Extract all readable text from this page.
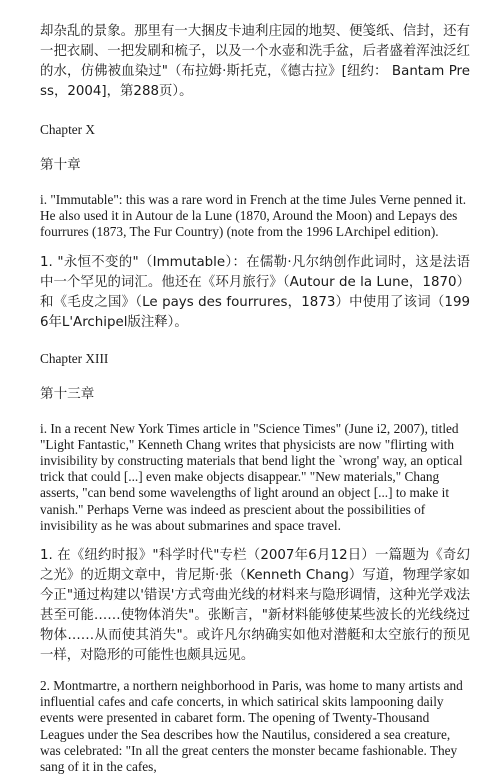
却杂乱的景象。那里有一大捆皮卡迪利庄园的地契、便笺纸、信封，还有一把衣刷、一把发刷和梳子，以及一个水壶和洗手盆，后者盛着浑浊泛红的水，仿佛被血染过"（布拉姆·斯托克，《德古拉》[纽约： Bantam Press，2004]，第288页）。

Chapter X

第十章

i. "Immutable": this was a rare word in French at the time Jules Verne penned it. He also used it in Autour de la Lune (1870, Around the Moon) and Lepays des fourrures (1873, The Fur Country) (note from the 1996 LArchipel edition).

1. "永恒不变的"（Immutable）：在儒勒·凡尔纳创作此词时，这是法语中一个罕见的词汇。他还在《环月旅行》（Autour de la Lune，1870）和《毛皮之国》（Le pays des fourrures，1873）中使用了该词（1996年L'Archipel版注释）。

Chapter XIII

第十三章

i. In a recent New York Times article in "Science Times" (June i2, 2007), titled "Light Fantastic," Kenneth Chang writes that physicists are now "flirting with invisibility by constructing materials that bend light the `wrong' way, an optical trick that could [...] even make objects disappear." "New materials," Chang asserts, "can bend some wavelengths of light around an object [...] to make it vanish." Perhaps Verne was indeed as prescient about the possibilities of invisibility as he was about submarines and space travel.

1. 在《纽约时报》"科学时代"专栏（2007年6月12日）一篇题为《奇幻之光》的近期文章中，肯尼斯·张（Kenneth Chang）写道，物理学家如今正"通过构建以'错误'方式弯曲光线的材料来与隐形调情，这种光学戏法甚至可能……使物体消失"。张断言，"新材料能够使某些波长的光线绕过物体……从而使其消失"。或许凡尔纳确实如他对潜艇和太空旅行的预见一样，对隐形的可能性也颇具远见。

2. Montmartre, a northern neighborhood in Paris, was home to many artists and influential cafes and cafe concerts, in which satirical skits lampooning daily events were presented in cabaret form. The opening of Twenty-Thousand Leagues under the Sea describes how the Nautilus, considered a sea creature, was celebrated: "In all the great centers the monster became fashionable. They sang of it in the cafes,
